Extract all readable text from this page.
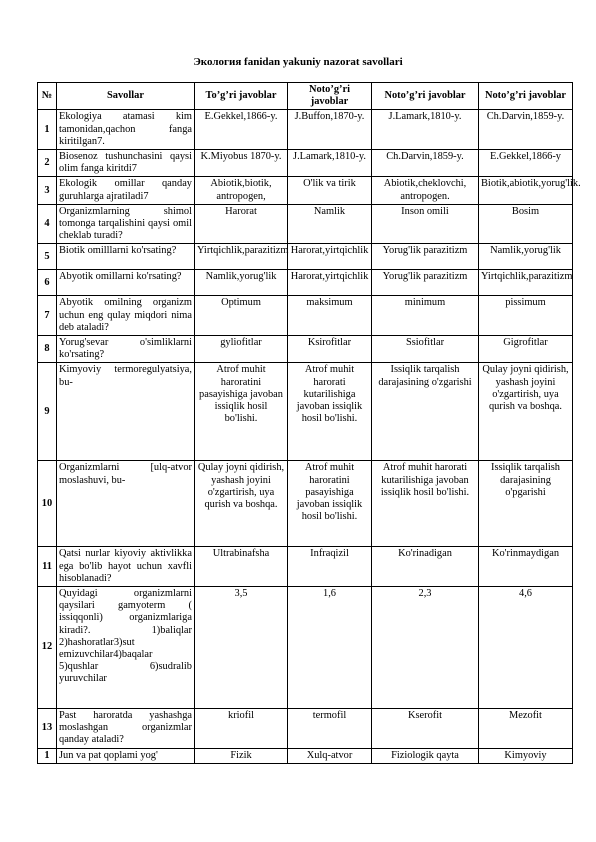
Экология fanidan yakuniy nazorat savollari
№	Savollar	To’g’ri javoblar	Noto’g’ri javoblar	Noto’g’ri javoblar	Noto’g’ri javoblar
1	Ekologiya atamasi kim tamonidan,qachon fanga kiritilgan7.	E.Gekkel,1866-y.	J.Buffon,1870-y.	J.Lamark,1810-y.	Ch.Darvin,1859-y.
2	Biosenoz tushunchasini qaysi olim fanga kiritdi7	K.Miyobus 1870-y.	J.Lamark,1810-y.	Ch.Darvin,1859-y.	E.Gekkel,1866-y
3	Ekologik omillar qanday guruhlarga ajratiladi7	Abiotik,biotik, antropogen,	O'lik va tirik	Abiotik,cheklovchi, antropogen.	Biotik,abiotik,yorug'lik.
4	Organizmlarning shimol tomonga tarqalishini qaysi omil cheklab turadi?	Harorat	Namlik	Inson omili	Bosim
5	Biotik omilllarni ko'rsating?	Yirtqichlik,parazitizm	Harorat,yirtqichlik	Yorug'lik parazitizm	Namlik,yorug'lik
6	Abyotik omillarni ko'rsating?	Namlik,yorug'lik	Harorat,yirtqichlik	Yorug'lik parazitizm	Yirtqichlik,parazitizm
7	Abyotik omilning organizm uchun eng qulay miqdori nima deb ataladi?	Optimum	maksimum	minimum	pissimum
8	Yorug'sevar o'simliklarni ko'rsating?	gyliofitlar	Ksirofitlar	Ssiofitlar	Gigrofitlar
9	Kimyoviy termoregulyatsiya, bu-	Atrof muhit haroratini pasayishiga javoban issiqlik hosil bo'lishi.	Atrof muhit harorati kutarilishiga javoban issiqlik hosil bo'lishi.	Issiqlik tarqalish darajasining o'zgarishi	Qulay joyni qidirish, yashash joyini o'zgartirish, uya qurish va boshqa.
10	Organizmlarni [ulq-atvor moslashuvi, bu-	Qulay joyni qidirish, yashash joyini o'zgartirish, uya qurish va boshqa.	Atrof muhit haroratini pasayishiga javoban issiqlik hosil bo'lishi.	Atrof muhit harorati kutarilishiga javoban issiqlik hosil bo'lishi.	Issiqlik tarqalish darajasining o'pgarishi
11	Qatsi nurlar kiyoviy aktivlikka ega bo'lib hayot uchun xavfli hisoblanadi?	Ultrabinafsha	Infraqizil	Ko'rinadigan	Ko'rinmaydigan
12	Quyidagi organizmlarni qaysilari gamyoterm ( issiqqonli) organizmlariga kiradi?. 1)baliqlar 2)hashoratlar3)sut emizuvchilar4)baqalar 5)qushlar 6)sudralib yuruvchilar	3,5	1,6	2,3	4,6
13	Past haroratda yashashga moslashgan organizmlar qanday ataladi?	kriofil	termofil	Kserofit	Mezofit
1	Jun va pat qoplami yog'	Fizik	Xulq-atvor	Fiziologik qayta	Kimyoviy
